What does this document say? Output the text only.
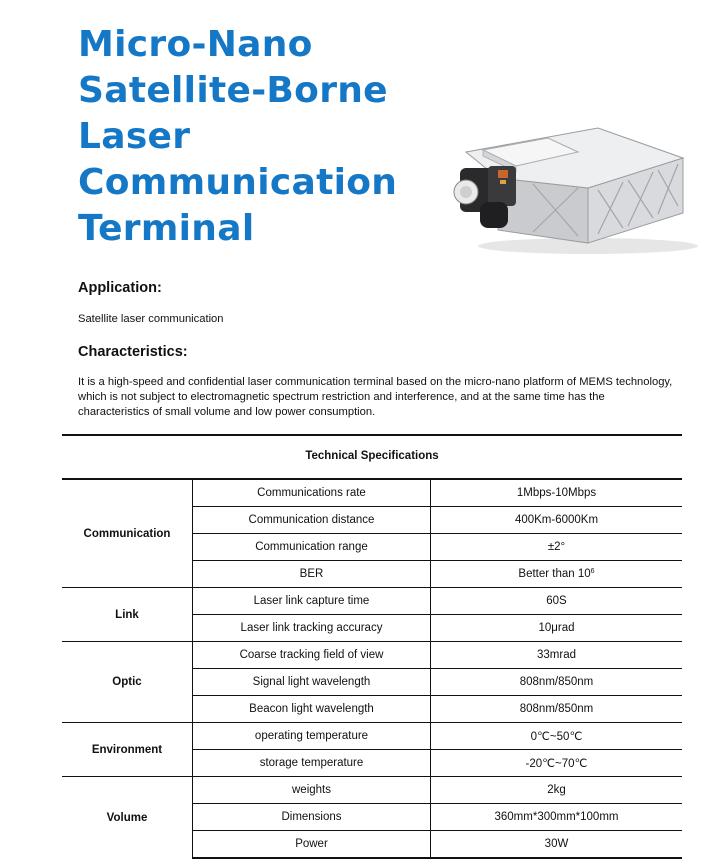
Micro-Nano
Satellite-Borne
Laser
Communication
Terminal
Application:

Satellite laser communication

Characteristics:

It is a high-speed and confidential laser communication terminal based on the micro-nano platform of MEMS technology, which is not subject to electromagnetic spectrum restriction and interference, and at the same time has the characteristics of small volume and low power consumption.

Technical Specifications
Communication	Communications rate	1Mbps-10Mbps
	Communication distance	400Km-6000Km
	Communication range	±2°
	BER	Better than $10^6$
Link	Laser link capture time	60S
	Laser link tracking accuracy	10μrad
Optic	Coarse tracking field of view	33mrad
	Signal light wavelength	808nm/850nm
	Beacon light wavelength	808nm/850nm
Environment	operating temperature	0℃~50℃
	storage temperature	-20℃~70℃
Volume	weights	2kg
	Dimensions	360mm*300mm*100mm
	Power	30W
